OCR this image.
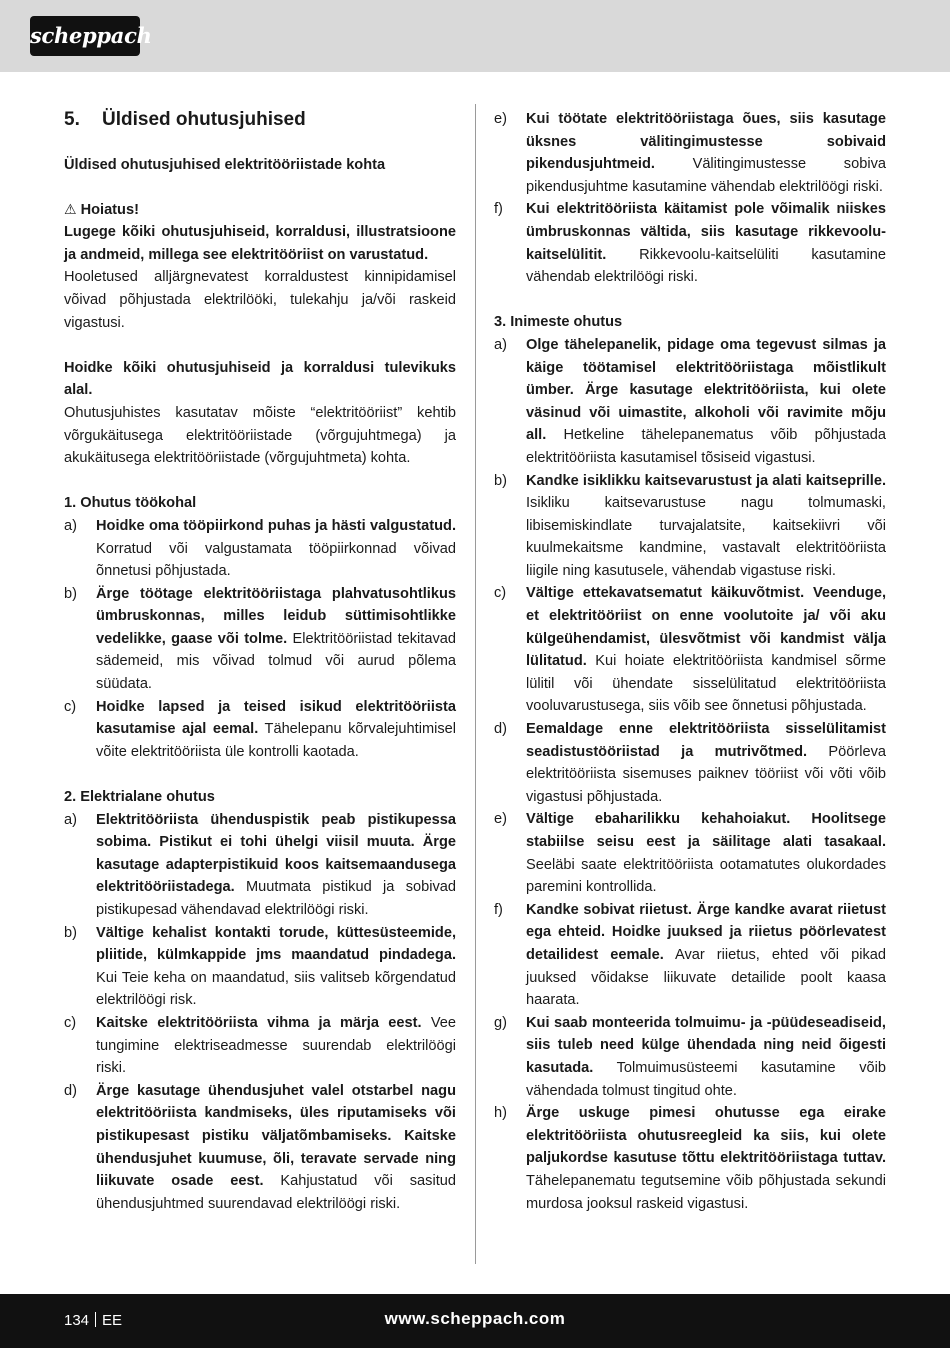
scheppach
5.	Üldised ohutusjuhised
Üldised ohutusjuhised elektritööriistade kohta
⚠ Hoiatus!

Lugege kõiki ohutusjuhiseid, korraldusi, illustratsioone ja andmeid, millega see elektritööriist on varustatud.

Hooletused alljärgnevatest korraldustest kinnipidamisel võivad põhjustada elektrilööki, tulekahju ja/või raskeid vigastusi.

Hoidke kõiki ohutusjuhiseid ja korraldusi tulevikuks alal.

Ohutusjuhistes kasutatav mõiste “elektritööriist” kehtib võrgukäitusega elektritööriistade (võrgujuhtmega) ja akukäitusega elektritööriistade (võrgujuhtmeta) kohta.

1. Ohutus töökohal
a)	Hoidke oma tööpiirkond puhas ja hästi valgustatud. Korratud või valgustamata tööpiirkonnad võivad õnnetusi põhjustada.
b)	Ärge töötage elektritööriistaga plahvatusohtlikus ümbruskonnas, milles leidub süttimisohtlikke vedelikke, gaase või tolme. Elektritööriistad tekitavad sädemeid, mis võivad tolmud või aurud põlema süüdata.
c)	Hoidke lapsed ja teised isikud elektritööriista kasutamise ajal eemal. Tähelepanu kõrvalejuhtimisel võite elektritööriista üle kontrolli kaotada.
2. Elektrialane ohutus
a)	Elektritööriista ühenduspistik peab pistikupessa sobima. Pistikut ei tohi ühelgi viisil muuta. Ärge kasutage adapterpistikuid koos kaitsemaandusega elektritööriistadega. Muutmata pistikud ja sobivad pistikupesad vähendavad elektrilöögi riski.
b)	Vältige kehalist kontakti torude, küttesüsteemide, pliitide, külmkappide jms maandatud pindadega. Kui Teie keha on maandatud, siis valitseb kõrgendatud elektrilöögi risk.
c)	Kaitske elektritööriista vihma ja märja eest. Vee tungimine elektriseadmesse suurendab elektrilöögi riski.
d)	Ärge kasutage ühendusjuhet valel otstarbel nagu elektritööriista kandmiseks, üles riputamiseks või pistikupesast pistiku väljatõmbamiseks. Kaitske ühendusjuhet kuumuse, õli, teravate servade ning liikuvate osade eest. Kahjustatud või sasitud ühendusjuhtmed suurendavad elektrilöögi riski.
e)	Kui töötate elektritööriistaga õues, siis kasutage üksnes välitingimustesse sobivaid pikendusjuhtmeid. Välitingimustesse sobiva pikendusjuhtme kasutamine vähendab elektrilöögi riski.
f)	Kui elektritööriista käitamist pole võimalik niiskes ümbruskonnas vältida, siis kasutage rikkevoolu-kaitselülitit. Rikkevoolu-kaitselüliti kasutamine vähendab elektrilöögi riski.
3. Inimeste ohutus
a)	Olge tähelepanelik, pidage oma tegevust silmas ja käige töötamisel elektritööriistaga mõistlikult ümber. Ärge kasutage elektritööriista, kui olete väsinud või uimastite, alkoholi või ravimite mõju all. Hetkeline tähelepanematus võib põhjustada elektritööriista kasutamisel tõsiseid vigastusi.
b)	Kandke isiklikku kaitsevarustust ja alati kaitseprille. Isikliku kaitsevarustuse nagu tolmumaski, libisemiskindlate turvajalatsite, kaitsekiivri või kuulmekaitsme kandmine, vastavalt elektritööriista liigile ning kasutusele, vähendab vigastuse riski.
c)	Vältige ettekavatsematut käikuvõtmist. Veenduge, et elektritööriist on enne voolutoite ja/ või aku külgeühendamist, ülesvõtmist või kandmist välja lülitatud. Kui hoiate elektritööriista kandmisel sõrme lülitil või ühendate sisselülitatud elektritööriista vooluvarustusega, siis võib see õnnetusi põhjustada.
d)	Eemaldage enne elektritööriista sisselülitamist seadistustööriistad ja mutrivõtmed. Pöörleva elektritööriista sisemuses paiknev tööriist või võti võib vigastusi põhjustada.
e)	Vältige ebaharilikku kehahoiakut. Hoolitsege stabiilse seisu eest ja säilitage alati tasakaal. Seeläbi saate elektritööriista ootamatutes olukordades paremini kontrollida.
f)	Kandke sobivat riietust. Ärge kandke avarat riietust ega ehteid. Hoidke juuksed ja riietus pöörlevatest detailidest eemale. Avar riietus, ehted või pikad juuksed võidakse liikuvate detailide poolt kaasa haarata.
g)	Kui saab monteerida tolmuimu- ja -püüdeseadiseid, siis tuleb need külge ühendada ning neid õigesti kasutada. Tolmuimusüsteemi kasutamine võib vähendada tolmust tingitud ohte.
h)	Ärge uskuge pimesi ohutusse ega eirake elektritööriista ohutusreegleid ka siis, kui olete paljukordse kasutuse tõttu elektritööriistaga tuttav. Tähelepanematu tegutsemine võib põhjustada sekundi murdosa jooksul raskeid vigastusi.
134 EE	www.scheppach.com
